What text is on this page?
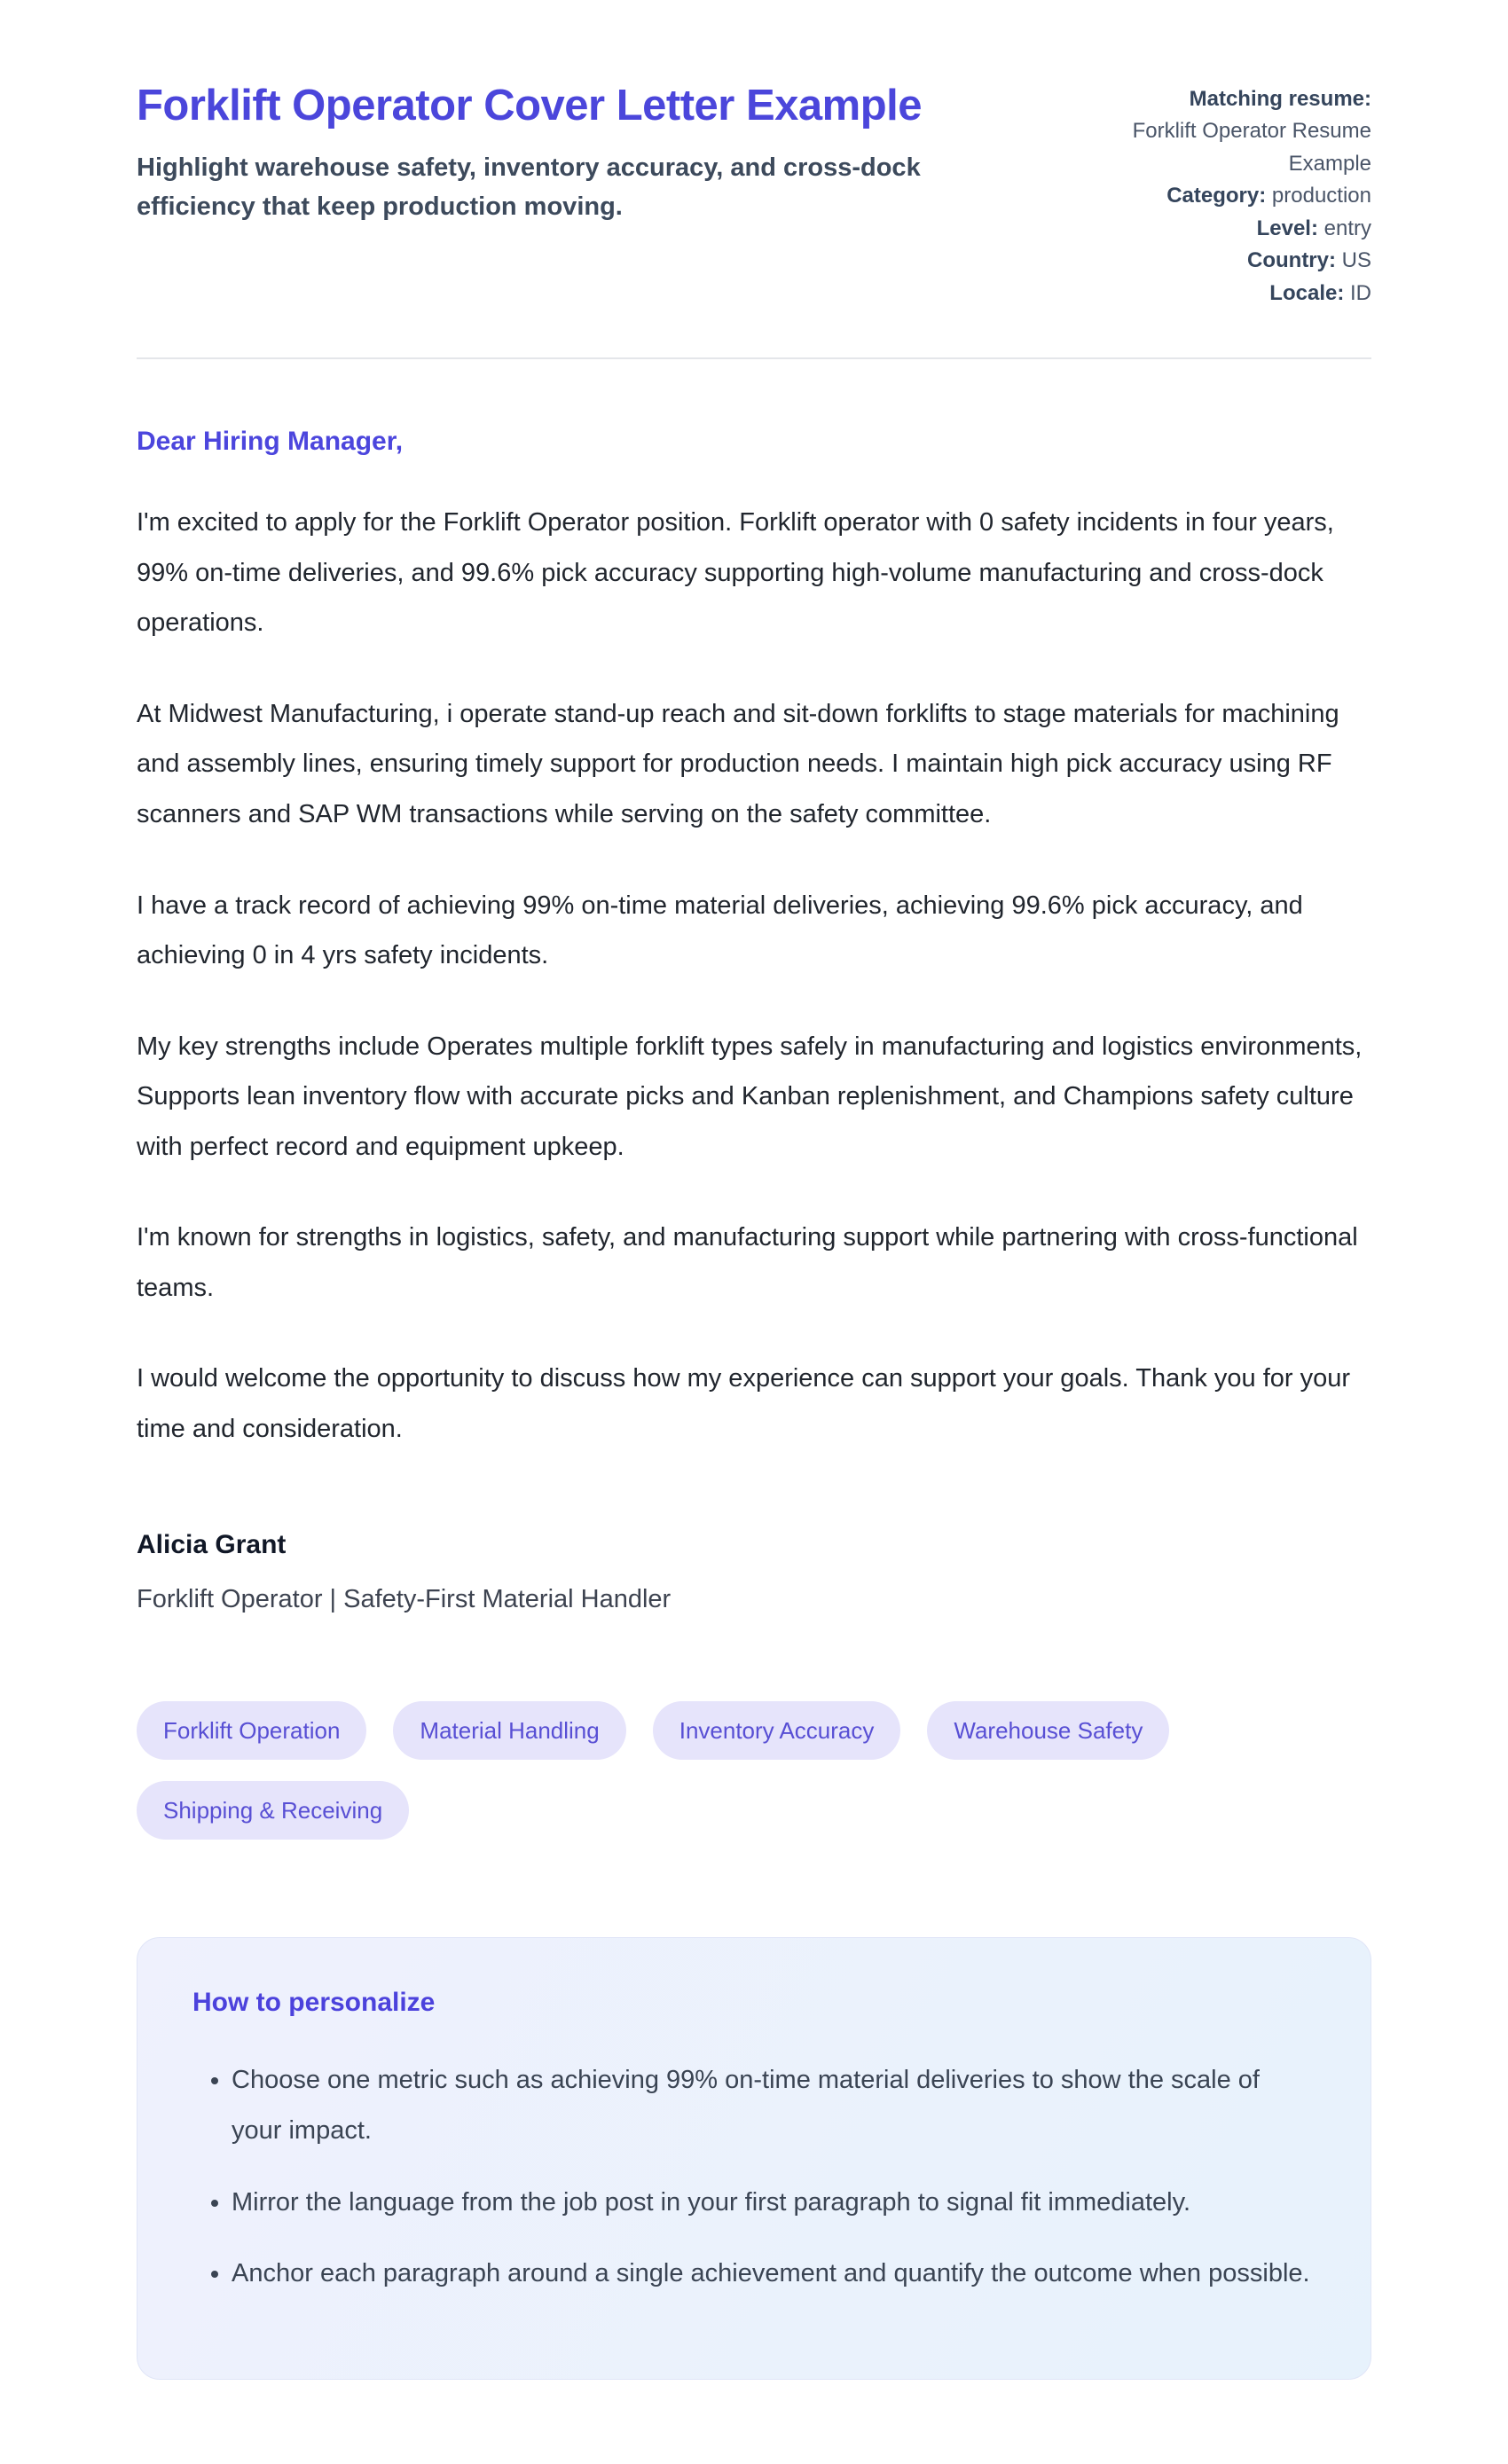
Forklift Operator Cover Letter Example

Highlight warehouse safety, inventory accuracy, and cross-dock efficiency that keep production moving.

Matching resume:
Forklift Operator Resume Example

Category: production

Level: entry

Country: US

Locale: ID

Dear Hiring Manager,

I'm excited to apply for the Forklift Operator position. Forklift operator with 0 safety incidents in four years, 99% on-time deliveries, and 99.6% pick accuracy supporting high-volume manufacturing and cross-dock operations.

At Midwest Manufacturing, i operate stand-up reach and sit-down forklifts to stage materials for machining and assembly lines, ensuring timely support for production needs. I maintain high pick accuracy using RF scanners and SAP WM transactions while serving on the safety committee.

I have a track record of achieving 99% on-time material deliveries, achieving 99.6% pick accuracy, and achieving 0 in 4 yrs safety incidents.

My key strengths include Operates multiple forklift types safely in manufacturing and logistics environments, Supports lean inventory flow with accurate picks and Kanban replenishment, and Champions safety culture with perfect record and equipment upkeep.

I'm known for strengths in logistics, safety, and manufacturing support while partnering with cross-functional teams.

I would welcome the opportunity to discuss how my experience can support your goals. Thank you for your time and consideration.

Alicia Grant

Forklift Operator | Safety-First Material Handler

Forklift Operation	Material Handling	Inventory Accuracy	Warehouse Safety
Shipping & Receiving
How to personalize
• Choose one metric such as achieving 99% on-time material deliveries to show the scale of your impact.
• Mirror the language from the job post in your first paragraph to signal fit immediately.
• Anchor each paragraph around a single achievement and quantify the outcome when possible.
